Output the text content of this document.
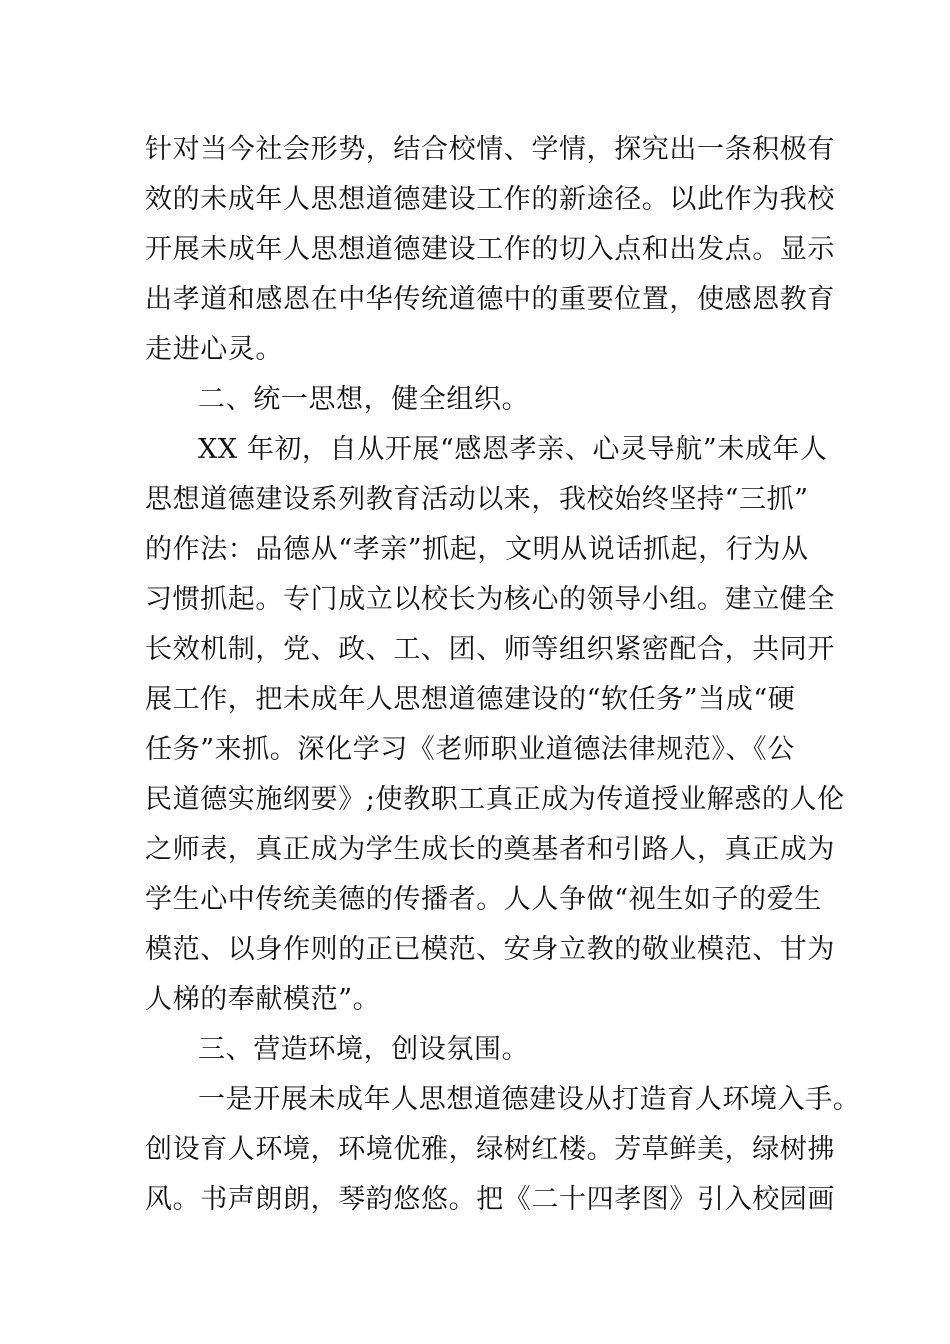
针对当今社会形势，结合校情、学情，探究出一条积极有
效的未成年人思想道德建设工作的新途径。以此作为我校
开展未成年人思想道德建设工作的切入点和出发点。显示
出孝道和感恩在中华传统道德中的重要位置，使感恩教育
走进心灵。
二、统一思想，健全组织。
XX 年初，自从开展“感恩孝亲、心灵导航”未成年人
思想道德建设系列教育活动以来，我校始终坚持“三抓”
的作法：品德从“孝亲”抓起，文明从说话抓起，行为从
习惯抓起。专门成立以校长为核心的领导小组。建立健全
长效机制，党、政、工、团、师等组织紧密配合，共同开
展工作，把未成年人思想道德建设的“软任务”当成“硬
任务”来抓。深化学习《老师职业道德法律规范》、《公
民道德实施纲要》;使教职工真正成为传道授业解惑的人伦
之师表，真正成为学生成长的奠基者和引路人，真正成为
学生心中传统美德的传播者。人人争做“视生如子的爱生
模范、以身作则的正已模范、安身立教的敬业模范、甘为
人梯的奉献模范”。
三、营造环境，创设氛围。
一是开展未成年人思想道德建设从打造育人环境入手。
创设育人环境，环境优雅，绿树红楼。芳草鲜美，绿树拂
风。书声朗朗，琴韵悠悠。把《二十四孝图》引入校园画
